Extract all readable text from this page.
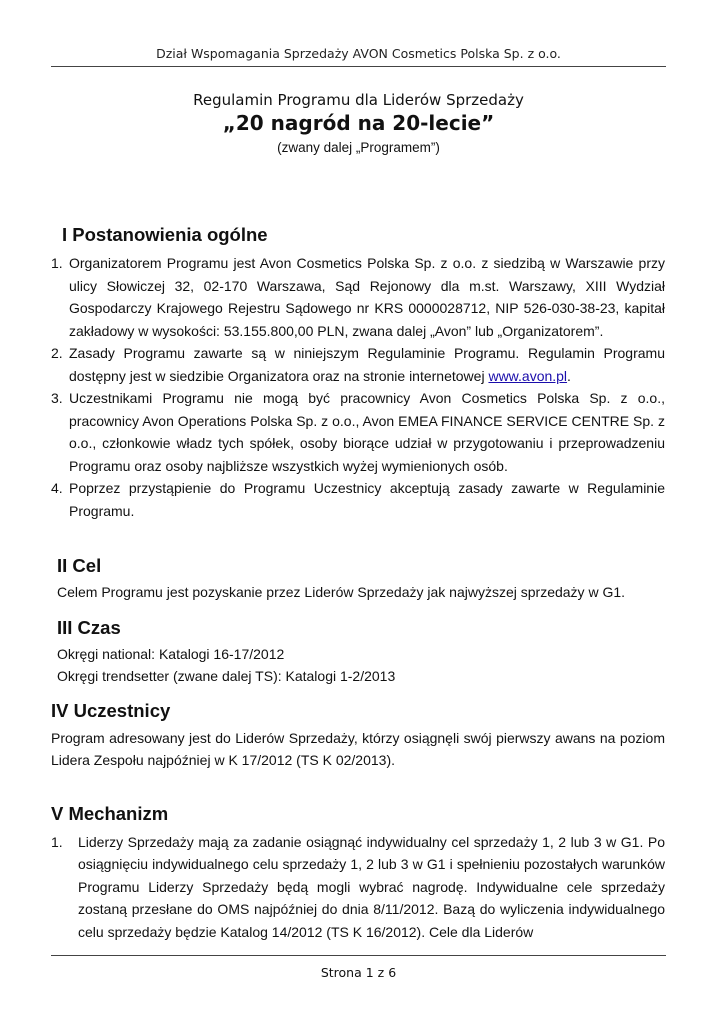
Dział Wspomagania Sprzedaży AVON Cosmetics Polska Sp. z o.o.
Regulamin Programu dla Liderów Sprzedaży
„20 nagród na 20-lecie”
(zwany dalej „Programem”)
I Postanowienia ogólne
1. Organizatorem Programu jest Avon Cosmetics Polska Sp. z o.o. z siedzibą w Warszawie przy ulicy Słowiczej 32, 02-170 Warszawa, Sąd Rejonowy dla m.st. Warszawy, XIII Wydział Gospodarczy Krajowego Rejestru Sądowego nr KRS 0000028712, NIP 526-030-38-23, kapitał zakładowy w wysokości: 53.155.800,00 PLN, zwana dalej „Avon” lub „Organizatorem”.
2. Zasady Programu zawarte są w niniejszym Regulaminie Programu. Regulamin Programu dostępny jest w siedzibie Organizatora oraz na stronie internetowej www.avon.pl.
3. Uczestnikami Programu nie mogą być pracownicy Avon Cosmetics Polska Sp. z o.o., pracownicy Avon Operations Polska Sp. z o.o., Avon EMEA FINANCE SERVICE CENTRE Sp. z o.o., członkowie władz tych spółek, osoby biorące udział w przygotowaniu i przeprowadzeniu Programu oraz osoby najbliższe wszystkich wyżej wymienionych osób.
4. Poprzez przystąpienie do Programu Uczestnicy akceptują zasady zawarte w Regulaminie Programu.
II Cel

Celem Programu jest pozyskanie przez Liderów Sprzedaży jak najwyższej sprzedaży w G1.

III Czas

Okręgi national: Katalogi 16-17/2012

Okręgi trendsetter (zwane dalej TS): Katalogi 1-2/2013

IV Uczestnicy

Program adresowany jest do Liderów Sprzedaży, którzy osiągnęli swój pierwszy awans na poziom Lidera Zespołu najpóźniej w K 17/2012 (TS K 02/2013).

V Mechanizm
1.	Liderzy Sprzedaży mają za zadanie osiągnąć indywidualny cel sprzedaży 1, 2 lub 3 w G1. Po osiągnięciu indywidualnego celu sprzedaży 1, 2 lub 3 w G1 i spełnieniu pozostałych warunków Programu Liderzy Sprzedaży będą mogli wybrać nagrodę. Indywidualne cele sprzedaży zostaną przesłane do OMS najpóźniej do dnia 8/11/2012. Bazą do wyliczenia indywidualnego celu sprzedaży będzie Katalog 14/2012 (TS K 16/2012). Cele dla Liderów
Strona 1 z 6
